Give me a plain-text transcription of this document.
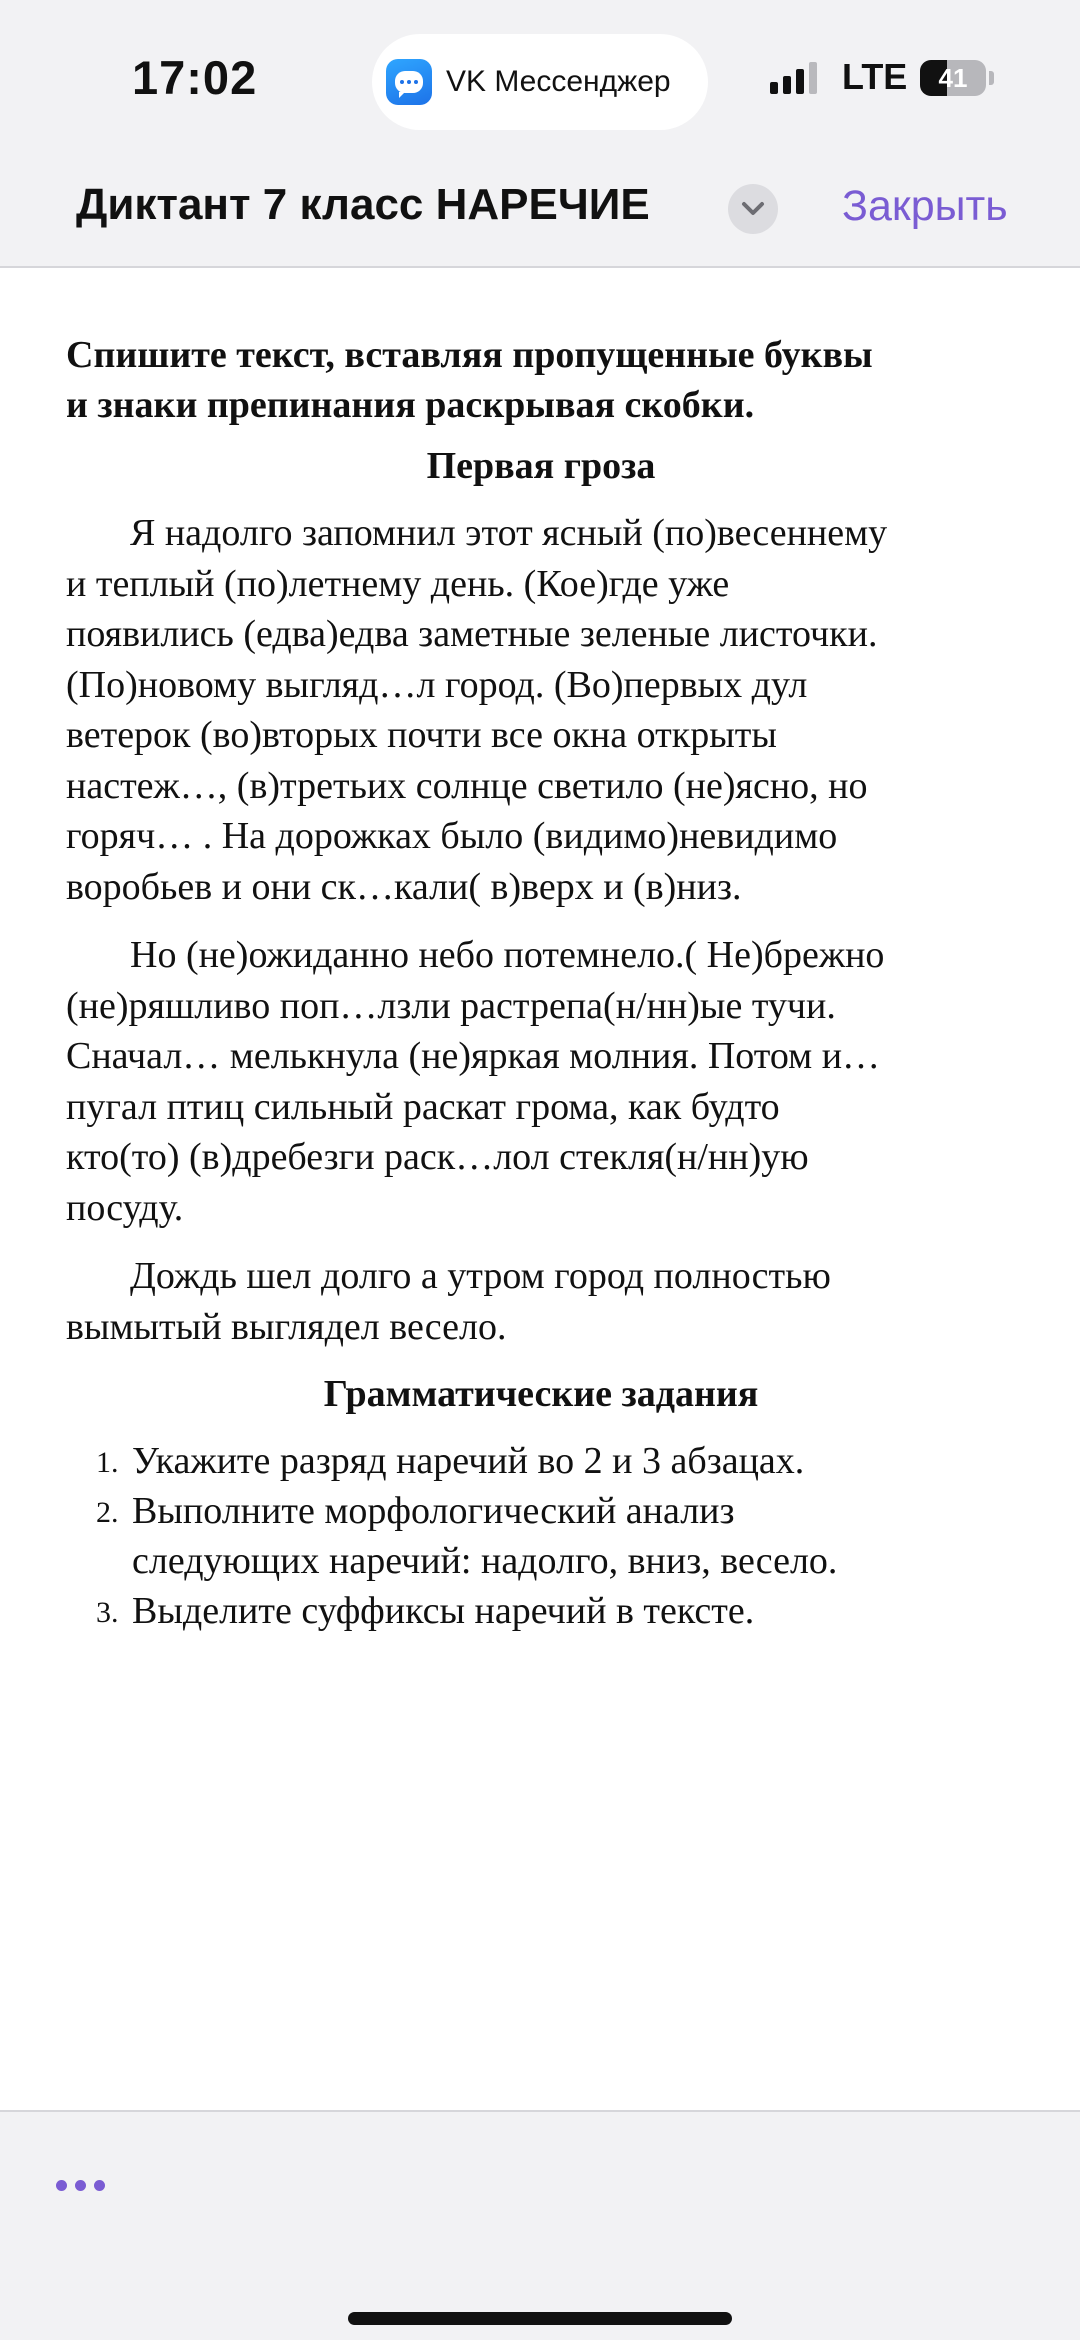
17:02	VK Мессенджер	LTE	41
Диктант 7 класс НАРЕЧИЕ	Закрыть
Спишите текст, вставляя пропущенные буквы
и знаки препинания раскрывая скобки.
Первая гроза
Я надолго запомнил этот ясный (по)весеннему
и теплый (по)летнему день. (Кое)где уже
появились (едва)едва заметные зеленые листочки.
(По)новому выгляд…л город. (Во)первых дул
ветерок (во)вторых почти все окна открыты
настеж…, (в)третьих солнце светило (не)ясно, но
горяч… . На дорожках было (видимо)невидимо
воробьев и они ск…кали( в)верх и (в)низ.
Но (не)ожиданно небо потемнело.( Не)брежно
(не)ряшливо поп…лзли растрепа(н/нн)ые тучи.
Сначал… мелькнула (не)яркая молния. Потом и…
пугал птиц сильный раскат грома, как будто
кто(то) (в)дребезги раск…лол стекля(н/нн)ую
посуду.
Дождь шел долго а утром город полностью
вымытый выглядел весело.
Грамматические задания
1. Укажите разряд наречий во 2 и 3 абзацах.
2. Выполните морфологический анализ
следующих наречий: надолго, вниз, весело.
3. Выделите суффиксы наречий в тексте.
